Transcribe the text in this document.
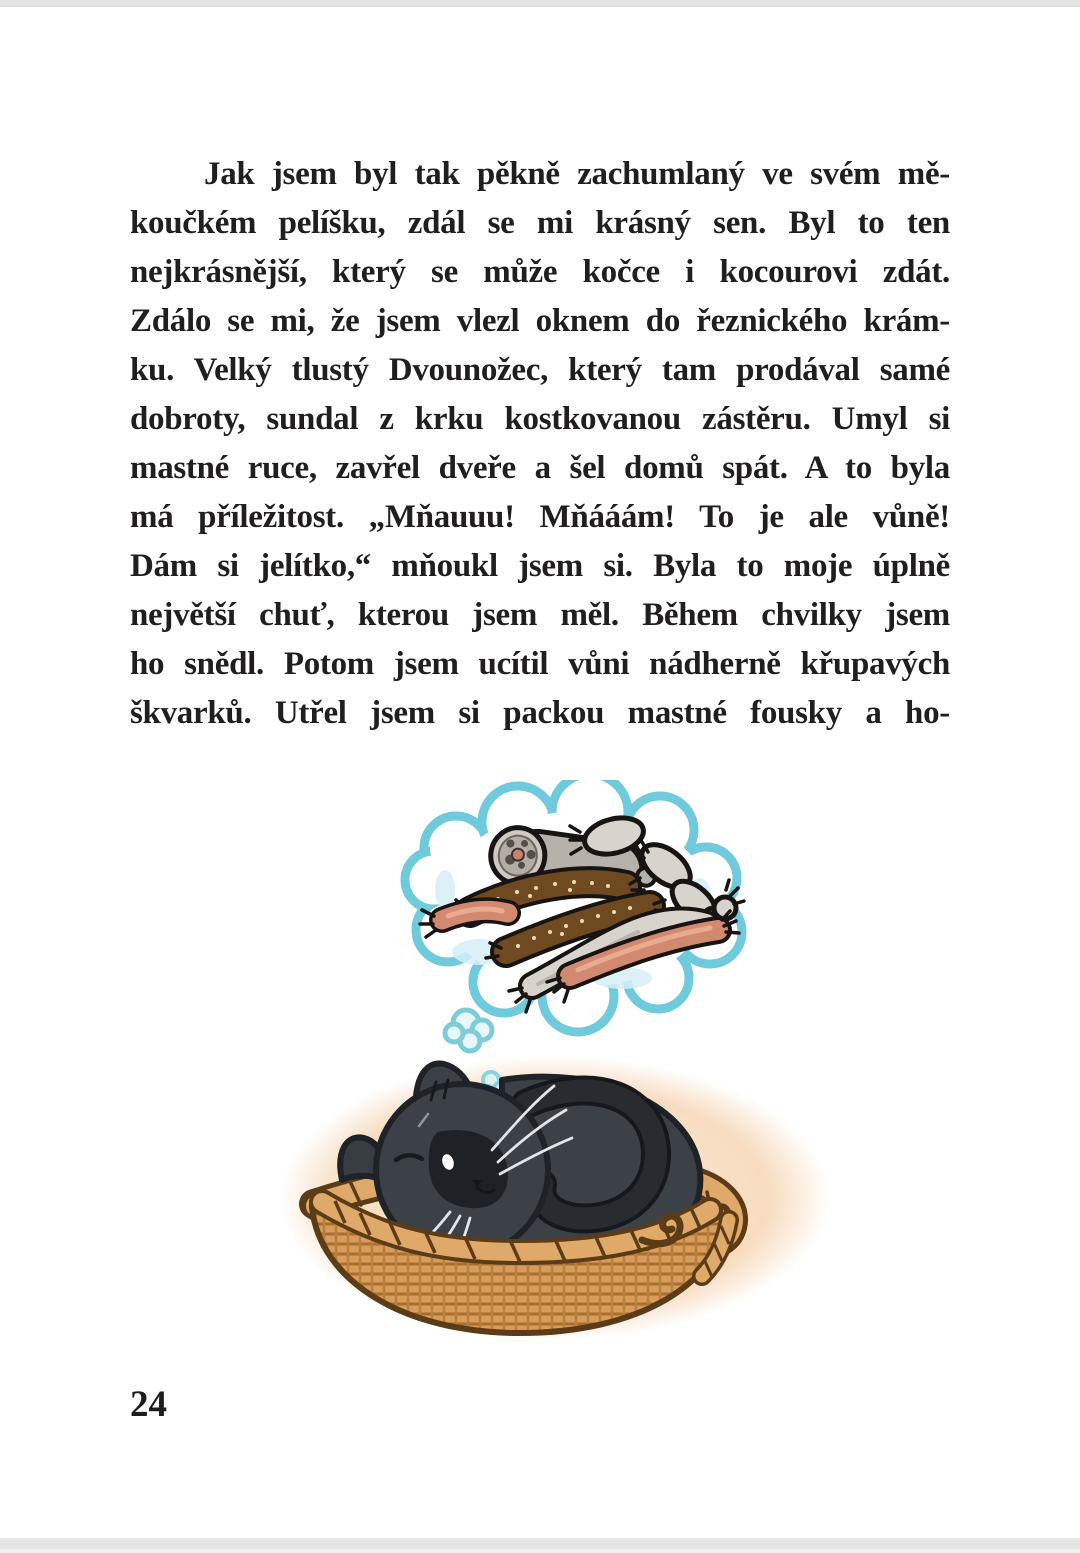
Jak jsem byl tak pěkně zachumlaný ve svém mě-
koučkém pelíšku, zdál se mi krásný sen. Byl to ten
nejkrásnější, který se může kočce i kocourovi zdát.
Zdálo se mi, že jsem vlezl oknem do řeznického krám-
ku. Velký tlustý Dvounožec, který tam prodával samé
dobroty, sundal z krku kostkovanou zástěru. Umyl si
mastné ruce, zavřel dveře a šel domů spát. A to byla
má příležitost. „Mňauuu! Mňááám! To je ale vůně!
Dám si jelítko,“ mňoukl jsem si. Byla to moje úplně
největší chuť, kterou jsem měl. Během chvilky jsem
ho snědl. Potom jsem ucítil vůni nádherně křupavých
škvarků. Utřel jsem si packou mastné fousky a ho-
24
